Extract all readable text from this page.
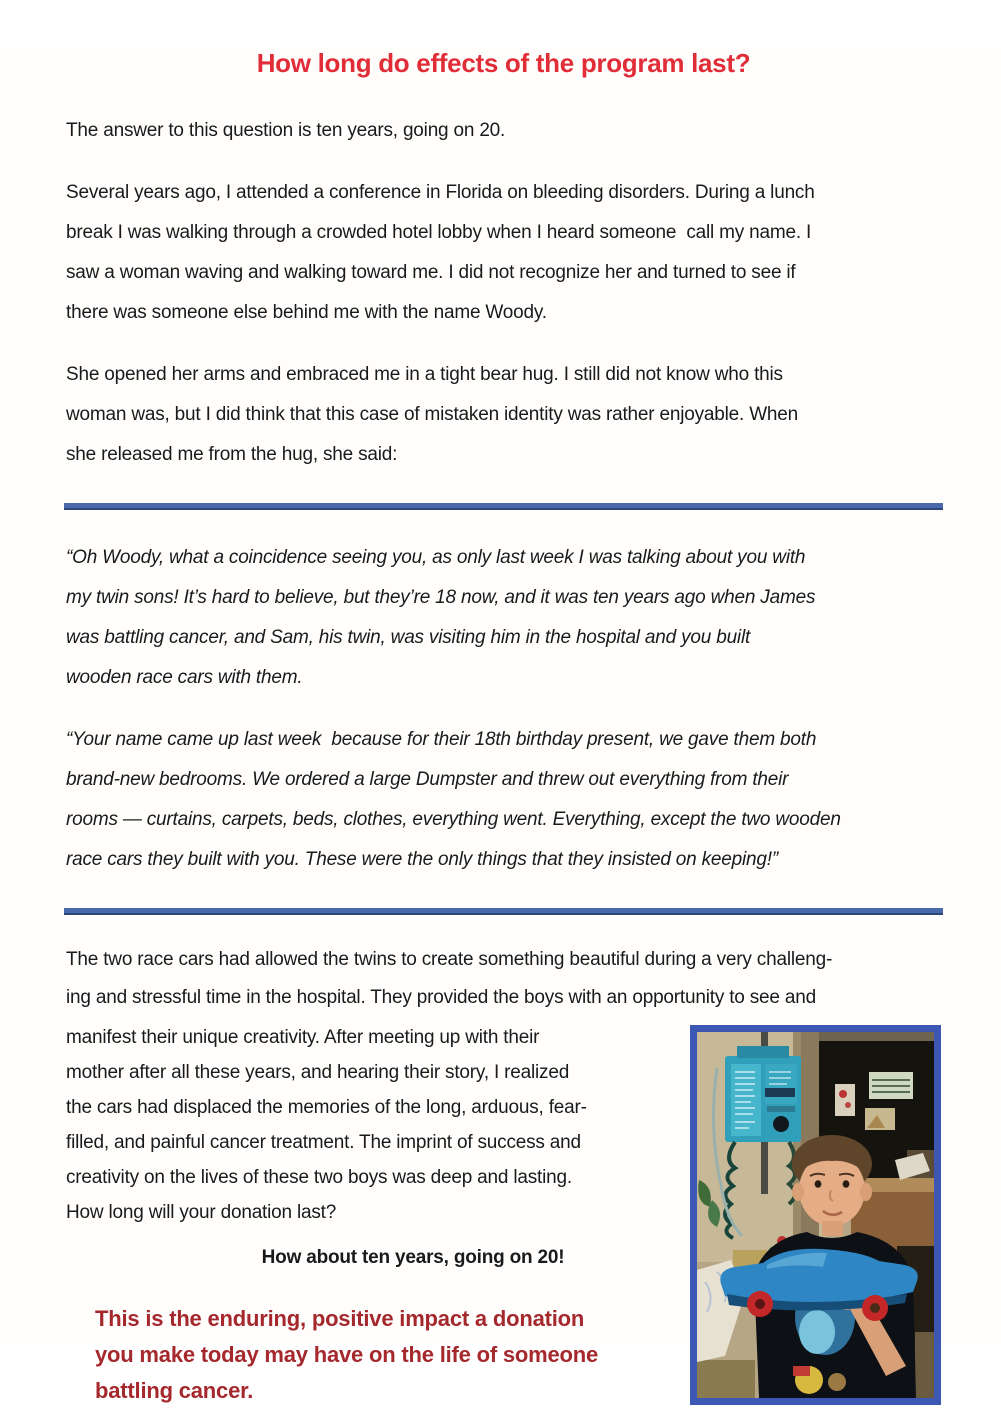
How long do effects of the program last?
The answer to this question is ten years, going on 20.
Several years ago, I attended a conference in Florida on bleeding disorders. During a lunch
break I was walking through a crowded hotel lobby when I heard someone  call my name. I
saw a woman waving and walking toward me. I did not recognize her and turned to see if
there was someone else behind me with the name Woody.
She opened her arms and embraced me in a tight bear hug. I still did not know who this
woman was, but I did think that this case of mistaken identity was rather enjoyable. When
she released me from the hug, she said:
“Oh Woody, what a coincidence seeing you, as only last week I was talking about you with
my twin sons! It’s hard to believe, but they’re 18 now, and it was ten years ago when James
was battling cancer, and Sam, his twin, was visiting him in the hospital and you built
wooden race cars with them.
“Your name came up last week  because for their 18th birthday present, we gave them both
brand-new bedrooms. We ordered a large Dumpster and threw out everything from their
rooms — curtains, carpets, beds, clothes, everything went. Everything, except the two wooden
race cars they built with you. These were the only things that they insisted on keeping!”
The two race cars had allowed the twins to create something beautiful during a very challeng-
ing and stressful time in the hospital. They provided the boys with an opportunity to see and
manifest their unique creativity. After meeting up with their
mother after all these years, and hearing their story, I realized
the cars had displaced the memories of the long, arduous, fear-
filled, and painful cancer treatment. The imprint of success and
creativity on the lives of these two boys was deep and lasting.
How long will your donation last?
How about ten years, going on 20!
This is the enduring, positive impact a donation
you make today may have on the life of someone
battling cancer.
